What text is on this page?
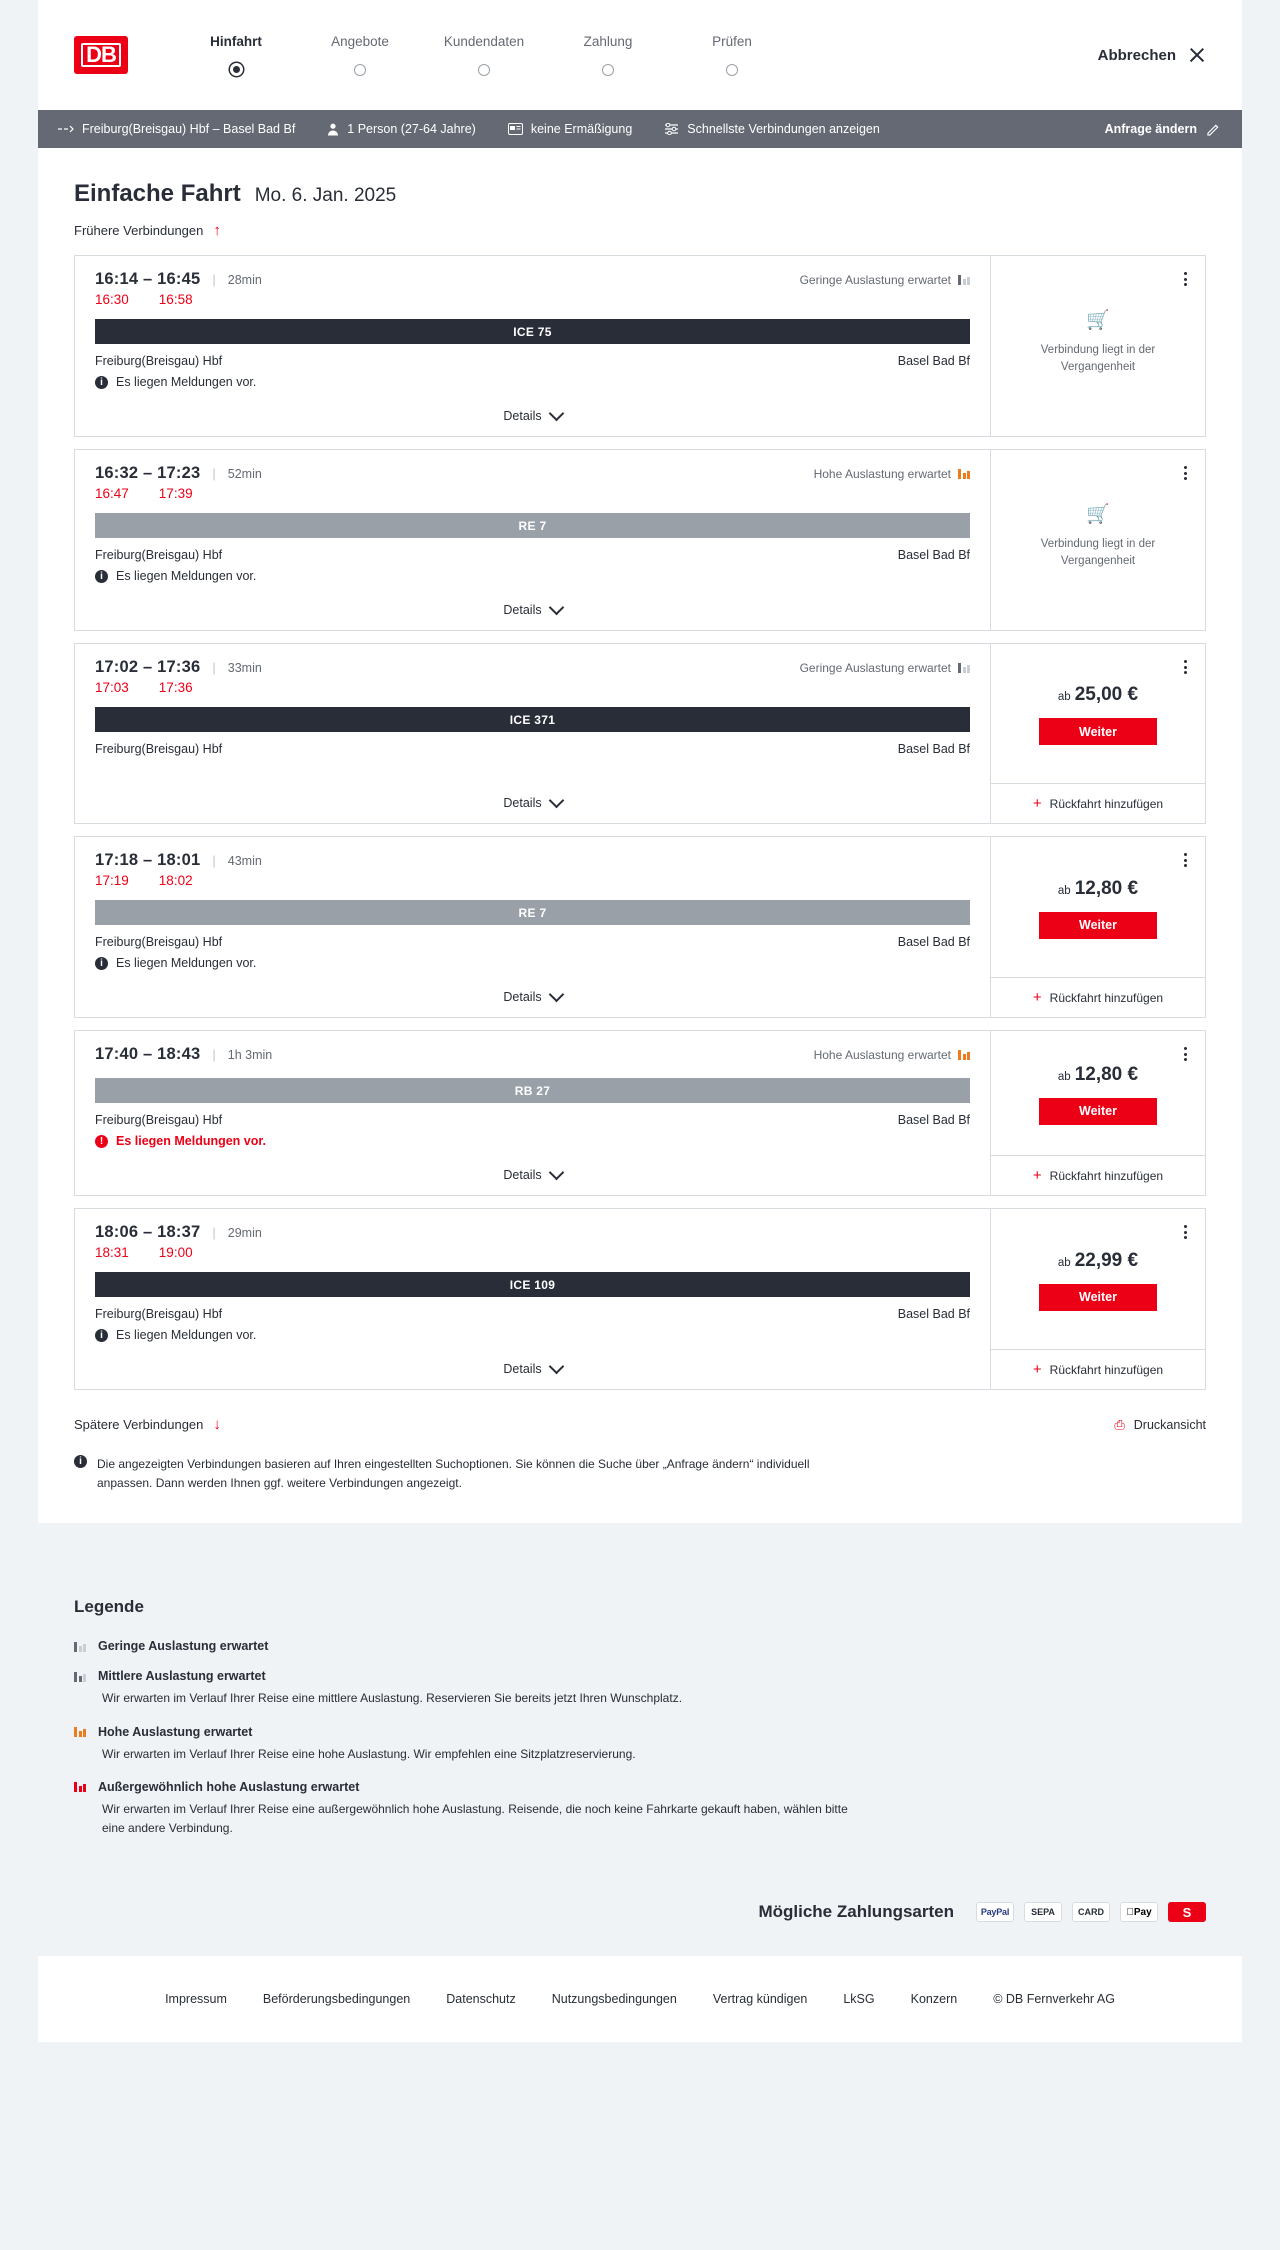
DB
Hinfahrt	Angebote	Kundendaten	Zahlung	Prüfen
Abbrechen
Freiburg(Breisgau) Hbf – Basel Bad Bf	1 Person (27-64 Jahre)	keine Ermäßigung	Schnellste Verbindungen anzeigen	Anfrage ändern
Einfache Fahrt Mo. 6. Jan. 2025
Frühere Verbindungen ↑
16:14 – 16:45 | 28min	Geringe Auslastung erwartet
16:30 16:58
ICE 75
Freiburg(Breisgau) Hbf	Basel Bad Bf
i	Es liegen Meldungen vor.
Details
🛒
Verbindung liegt in der Vergangenheit
16:32 – 17:23 | 52min	Hohe Auslastung erwartet
16:47 17:39
RE 7
Freiburg(Breisgau) Hbf	Basel Bad Bf
i	Es liegen Meldungen vor.
Details
🛒
Verbindung liegt in der Vergangenheit
17:02 – 17:36 | 33min	Geringe Auslastung erwartet
17:03 17:36
ICE 371
Freiburg(Breisgau) Hbf	Basel Bad Bf
Details
ab 25,00 €
Weiter
+ Rückfahrt hinzufügen
17:18 – 18:01 | 43min
17:19 18:02
RE 7
Freiburg(Breisgau) Hbf	Basel Bad Bf
i	Es liegen Meldungen vor.
Details
ab 12,80 €
Weiter
+ Rückfahrt hinzufügen
17:40 – 18:43 | 1h 3min	Hohe Auslastung erwartet
RB 27
Freiburg(Breisgau) Hbf	Basel Bad Bf
!	Es liegen Meldungen vor.
Details
ab 12,80 €
Weiter
+ Rückfahrt hinzufügen
18:06 – 18:37 | 29min
18:31 19:00
ICE 109
Freiburg(Breisgau) Hbf	Basel Bad Bf
i	Es liegen Meldungen vor.
Details
ab 22,99 €
Weiter
+ Rückfahrt hinzufügen
Spätere Verbindungen ↓	⎙ Druckansicht
i	Die angezeigten Verbindungen basieren auf Ihren eingestellten Suchoptionen. Sie können die Suche über „Anfrage ändern“ individuell anpassen. Dann werden Ihnen ggf. weitere Verbindungen angezeigt.
Legende
Geringe Auslastung erwartet
Mittlere Auslastung erwartet
Wir erwarten im Verlauf Ihrer Reise eine mittlere Auslastung. Reservieren Sie bereits jetzt Ihren Wunschplatz.
Hohe Auslastung erwartet
Wir erwarten im Verlauf Ihrer Reise eine hohe Auslastung. Wir empfehlen eine Sitzplatzreservierung.
Außergewöhnlich hohe Auslastung erwartet
Wir erwarten im Verlauf Ihrer Reise eine außergewöhnlich hohe Auslastung. Reisende, die noch keine Fahrkarte gekauft haben, wählen bitte eine andere Verbindung.
Mögliche Zahlungsarten	PayPal	SEPA	CARD	Pay	S
Impressum	Beförderungsbedingungen	Datenschutz	Nutzungsbedingungen	Vertrag kündigen	LkSG	Konzern	© DB Fernverkehr AG
